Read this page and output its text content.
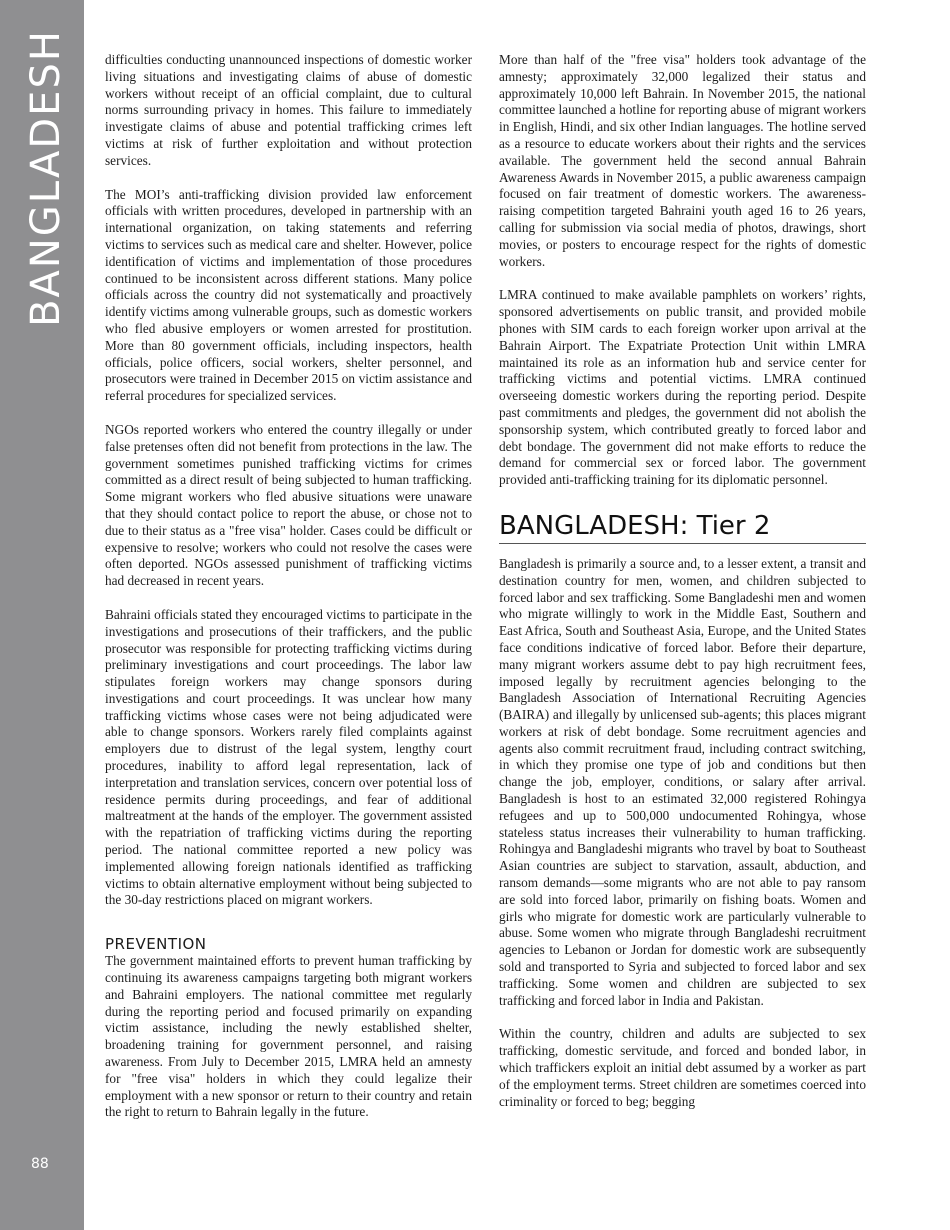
BANGLADESH
88

difficulties conducting unannounced inspections of domestic worker living situations and investigating claims of abuse of domestic workers without receipt of an official complaint, due to cultural norms surrounding privacy in homes. This failure to immediately investigate claims of abuse and potential trafficking crimes left victims at risk of further exploitation and without protection services.

The MOI’s anti-trafficking division provided law enforcement officials with written procedures, developed in partnership with an international organization, on taking statements and referring victims to services such as medical care and shelter. However, police identification of victims and implementation of those procedures continued to be inconsistent across different stations. Many police officials across the country did not systematically and proactively identify victims among vulnerable groups, such as domestic workers who fled abusive employers or women arrested for prostitution. More than 80 government officials, including inspectors, health officials, police officers, social workers, shelter personnel, and prosecutors were trained in December 2015 on victim assistance and referral procedures for specialized services.

NGOs reported workers who entered the country illegally or under false pretenses often did not benefit from protections in the law. The government sometimes punished trafficking victims for crimes committed as a direct result of being subjected to human trafficking. Some migrant workers who fled abusive situations were unaware that they should contact police to report the abuse, or chose not to due to their status as a "free visa" holder. Cases could be difficult or expensive to resolve; workers who could not resolve the cases were often deported. NGOs assessed punishment of trafficking victims had decreased in recent years.

Bahraini officials stated they encouraged victims to participate in the investigations and prosecutions of their traffickers, and the public prosecutor was responsible for protecting trafficking victims during preliminary investigations and court proceedings. The labor law stipulates foreign workers may change sponsors during investigations and court proceedings. It was unclear how many trafficking victims whose cases were not being adjudicated were able to change sponsors. Workers rarely filed complaints against employers due to distrust of the legal system, lengthy court procedures, inability to afford legal representation, lack of interpretation and translation services, concern over potential loss of residence permits during proceedings, and fear of additional maltreatment at the hands of the employer. The government assisted with the repatriation of trafficking victims during the reporting period. The national committee reported a new policy was implemented allowing foreign nationals identified as trafficking victims to obtain alternative employment without being subjected to the 30-day restrictions placed on migrant workers.

PREVENTION

The government maintained efforts to prevent human trafficking by continuing its awareness campaigns targeting both migrant workers and Bahraini employers. The national committee met regularly during the reporting period and focused primarily on expanding victim assistance, including the newly established shelter, broadening training for government personnel, and raising awareness. From July to December 2015, LMRA held an amnesty for "free visa" holders in which they could legalize their employment with a new sponsor or return to their country and retain the right to return to Bahrain legally in the future.

More than half of the "free visa" holders took advantage of the amnesty; approximately 32,000 legalized their status and approximately 10,000 left Bahrain. In November 2015, the national committee launched a hotline for reporting abuse of migrant workers in English, Hindi, and six other Indian languages. The hotline served as a resource to educate workers about their rights and the services available. The government held the second annual Bahrain Awareness Awards in November 2015, a public awareness campaign focused on fair treatment of domestic workers. The awareness-raising competition targeted Bahraini youth aged 16 to 26 years, calling for submission via social media of photos, drawings, short movies, or posters to encourage respect for the rights of domestic workers.

LMRA continued to make available pamphlets on workers’ rights, sponsored advertisements on public transit, and provided mobile phones with SIM cards to each foreign worker upon arrival at the Bahrain Airport. The Expatriate Protection Unit within LMRA maintained its role as an information hub and service center for trafficking victims and potential victims. LMRA continued overseeing domestic workers during the reporting period. Despite past commitments and pledges, the government did not abolish the sponsorship system, which contributed greatly to forced labor and debt bondage. The government did not make efforts to reduce the demand for commercial sex or forced labor. The government provided anti-trafficking training for its diplomatic personnel.

BANGLADESH: Tier 2

Bangladesh is primarily a source and, to a lesser extent, a transit and destination country for men, women, and children subjected to forced labor and sex trafficking. Some Bangladeshi men and women who migrate willingly to work in the Middle East, Southern and East Africa, South and Southeast Asia, Europe, and the United States face conditions indicative of forced labor. Before their departure, many migrant workers assume debt to pay high recruitment fees, imposed legally by recruitment agencies belonging to the Bangladesh Association of International Recruiting Agencies (BAIRA) and illegally by unlicensed sub-agents; this places migrant workers at risk of debt bondage. Some recruitment agencies and agents also commit recruitment fraud, including contract switching, in which they promise one type of job and conditions but then change the job, employer, conditions, or salary after arrival. Bangladesh is host to an estimated 32,000 registered Rohingya refugees and up to 500,000 undocumented Rohingya, whose stateless status increases their vulnerability to human trafficking. Rohingya and Bangladeshi migrants who travel by boat to Southeast Asian countries are subject to starvation, assault, abduction, and ransom demands—some migrants who are not able to pay ransom are sold into forced labor, primarily on fishing boats. Women and girls who migrate for domestic work are particularly vulnerable to abuse. Some women who migrate through Bangladeshi recruitment agencies to Lebanon or Jordan for domestic work are subsequently sold and transported to Syria and subjected to forced labor and sex trafficking. Some women and children are subjected to sex trafficking and forced labor in India and Pakistan.

Within the country, children and adults are subjected to sex trafficking, domestic servitude, and forced and bonded labor, in which traffickers exploit an initial debt assumed by a worker as part of the employment terms. Street children are sometimes coerced into criminality or forced to beg; begging
